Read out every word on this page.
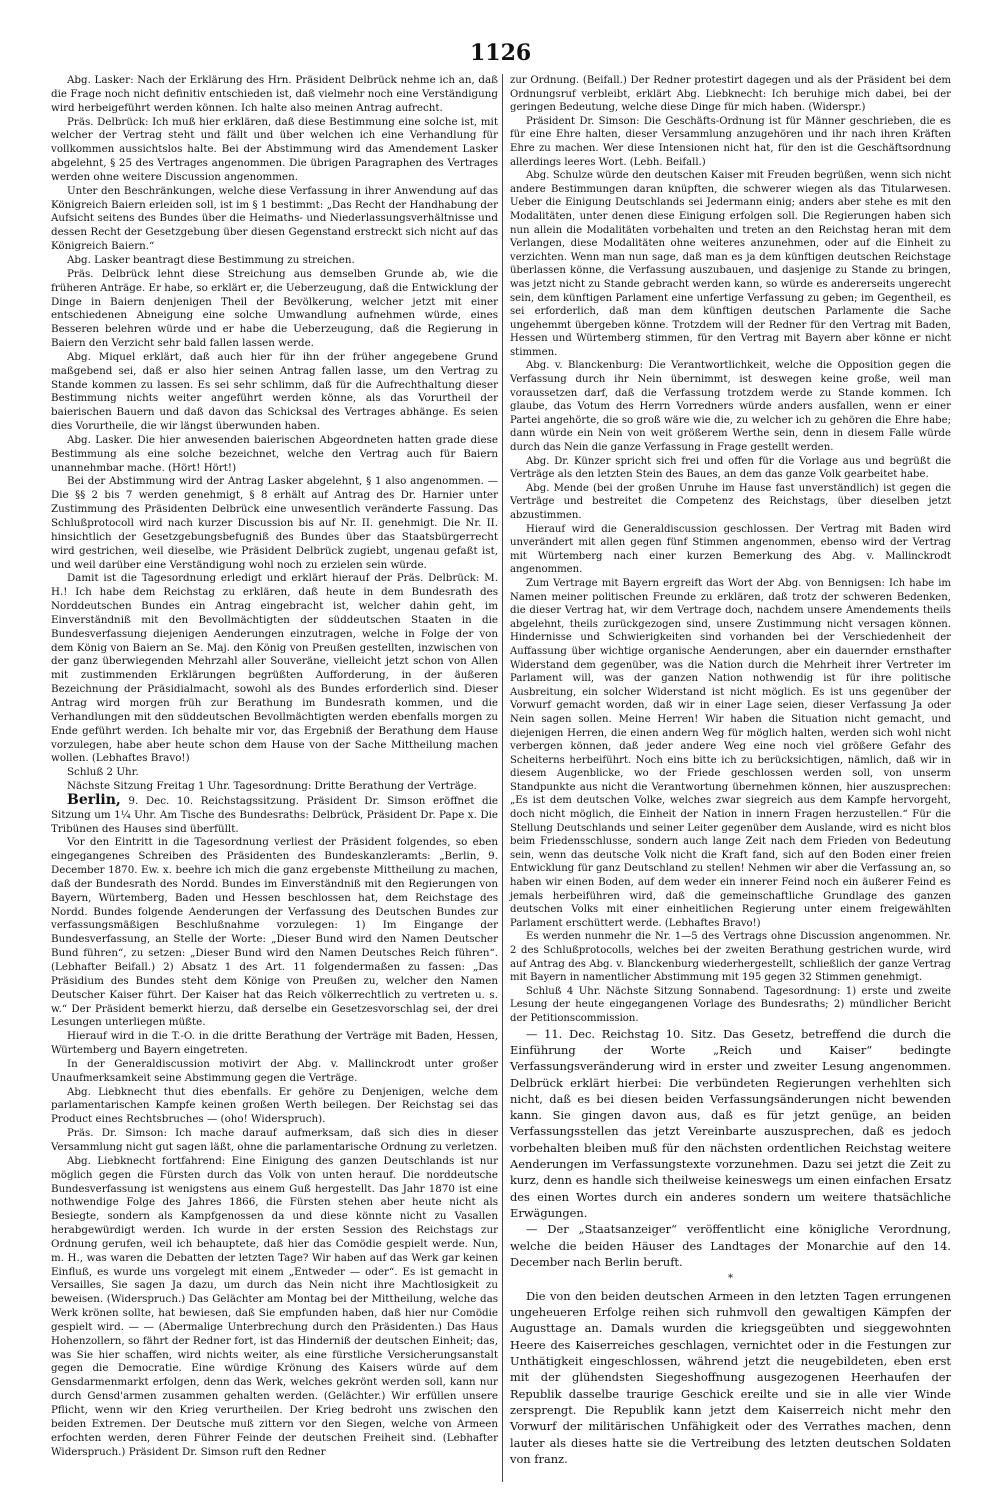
1126

Abg. Lasker: Nach der Erklärung des Hrn. Präsident Delbrück nehme ich an, daß die Frage noch nicht definitiv entschieden ist, daß vielmehr noch eine Verständigung wird herbeigeführt werden können. Ich halte also meinen Antrag aufrecht.

Präs. Delbrück: Ich muß hier erklären, daß diese Bestimmung eine solche ist, mit welcher der Vertrag steht und fällt und über welchen ich eine Verhandlung für vollkommen aussichtslos halte. Bei der Abstimmung wird das Amendement Lasker abgelehnt, § 25 des Vertrages angenommen. Die übrigen Paragraphen des Vertrages werden ohne weitere Discussion angenommen.

Unter den Beschränkungen, welche diese Verfassung in ihrer Anwendung auf das Königreich Baiern erleiden soll, ist im § 1 bestimmt: „Das Recht der Handhabung der Aufsicht seitens des Bundes über die Heimaths- und Niederlassungsverhältnisse und dessen Recht der Gesetzgebung über diesen Gegenstand erstreckt sich nicht auf das Königreich Baiern.“

Abg. Lasker beantragt diese Bestimmung zu streichen.

Präs. Delbrück lehnt diese Streichung aus demselben Grunde ab, wie die früheren Anträge. Er habe, so erklärt er, die Ueberzeugung, daß die Entwicklung der Dinge in Baiern denjenigen Theil der Bevölkerung, welcher jetzt mit einer entschiedenen Abneigung eine solche Umwandlung aufnehmen würde, eines Besseren belehren würde und er habe die Ueberzeugung, daß die Regierung in Baiern den Verzicht sehr bald fallen lassen werde.

Abg. Miquel erklärt, daß auch hier für ihn der früher angegebene Grund maßgebend sei, daß er also hier seinen Antrag fallen lasse, um den Vertrag zu Stande kommen zu lassen. Es sei sehr schlimm, daß für die Aufrechthaltung dieser Bestimmung nichts weiter angeführt werden könne, als das Vorurtheil der baierischen Bauern und daß davon das Schicksal des Vertrages abhänge. Es seien dies Vorurtheile, die wir längst überwunden haben.

Abg. Lasker. Die hier anwesenden baierischen Abgeordneten hatten grade diese Bestimmung als eine solche bezeichnet, welche den Vertrag auch für Baiern unannehmbar mache. (Hört! Hört!)

Bei der Abstimmung wird der Antrag Lasker abgelehnt, § 1 also angenommen. — Die §§ 2 bis 7 werden genehmigt, § 8 erhält auf Antrag des Dr. Harnier unter Zustimmung des Präsidenten Delbrück eine unwesentlich veränderte Fassung. Das Schlußprotocoll wird nach kurzer Discussion bis auf Nr. II. genehmigt. Die Nr. II. hinsichtlich der Gesetzgebungsbefugniß des Bundes über das Staatsbürgerrecht wird gestrichen, weil dieselbe, wie Präsident Delbrück zugiebt, ungenau gefaßt ist, und weil darüber eine Verständigung wohl noch zu erzielen sein würde.

Damit ist die Tagesordnung erledigt und erklärt hierauf der Präs. Delbrück: M. H.! Ich habe dem Reichstag zu erklären, daß heute in dem Bundesrath des Norddeutschen Bundes ein Antrag eingebracht ist, welcher dahin geht, im Einverständniß mit den Bevollmächtigten der süddeutschen Staaten in die Bundesverfassung diejenigen Aenderungen einzutragen, welche in Folge der von dem König von Baiern an Se. Maj. den König von Preußen gestellten, inzwischen von der ganz überwiegenden Mehrzahl aller Souveräne, vielleicht jetzt schon von Allen mit zustimmenden Erklärungen begrüßten Aufforderung, in der äußeren Bezeichnung der Präsidialmacht, sowohl als des Bundes erforderlich sind. Dieser Antrag wird morgen früh zur Berathung im Bundesrath kommen, und die Verhandlungen mit den süddeutschen Bevollmächtigten werden ebenfalls morgen zu Ende geführt werden. Ich behalte mir vor, das Ergebniß der Berathung dem Hause vorzulegen, habe aber heute schon dem Hause von der Sache Mittheilung machen wollen. (Lebhaftes Bravo!)

Schluß 2 Uhr.

Nächste Sitzung Freitag 1 Uhr. Tagesordnung: Dritte Berathung der Verträge.

Berlin, 9. Dec. 10. Reichstagssitzung. Präsident Dr. Simson eröffnet die Sitzung um 1¼ Uhr. Am Tische des Bundesraths: Delbrück, Präsident Dr. Pape x. Die Tribünen des Hauses sind überfüllt.

Vor den Eintritt in die Tagesordnung verliest der Präsident folgendes, so eben eingegangenes Schreiben des Präsidenten des Bundeskanzleramts: „Berlin, 9. December 1870. Ew. x. beehre ich mich die ganz ergebenste Mittheilung zu machen, daß der Bundesrath des Nordd. Bundes im Einverständniß mit den Regierungen von Bayern, Würtemberg, Baden und Hessen beschlossen hat, dem Reichstage des Nordd. Bundes folgende Aenderungen der Verfassung des Deutschen Bundes zur verfassungsmäßigen Beschlußnahme vorzulegen: 1) Im Eingange der Bundesverfassung, an Stelle der Worte: „Dieser Bund wird den Namen Deutscher Bund führen“, zu setzen: „Dieser Bund wird den Namen Deutsches Reich führen“. (Lebhafter Beifall.) 2) Absatz 1 des Art. 11 folgendermaßen zu fassen: „Das Präsidium des Bundes steht dem Könige von Preußen zu, welcher den Namen Deutscher Kaiser führt. Der Kaiser hat das Reich völkerrechtlich zu vertreten u. s. w.“ Der Präsident bemerkt hierzu, daß derselbe ein Gesetzesvorschlag sei, der drei Lesungen unterliegen müßte.

Hierauf wird in die T.-O. in die dritte Berathung der Verträge mit Baden, Hessen, Würtemberg und Bayern eingetreten.

In der Generaldiscussion motivirt der Abg. v. Mallinckrodt unter großer Unaufmerksamkeit seine Abstimmung gegen die Verträge.

Abg. Liebknecht thut dies ebenfalls. Er gehöre zu Denjenigen, welche dem parlamentarischen Kampfe keinen großen Werth beilegen. Der Reichstag sei das Product eines Rechtsbruches — (oho! Widerspruch).

Präs. Dr. Simson: Ich mache darauf aufmerksam, daß sich dies in dieser Versammlung nicht gut sagen läßt, ohne die parlamentarische Ordnung zu verletzen.

Abg. Liebknecht fortfahrend: Eine Einigung des ganzen Deutschlands ist nur möglich gegen die Fürsten durch das Volk von unten herauf. Die norddeutsche Bundesverfassung ist wenigstens aus einem Guß hergestellt. Das Jahr 1870 ist eine nothwendige Folge des Jahres 1866, die Fürsten stehen aber heute nicht als Besiegte, sondern als Kampfgenossen da und diese könnte nicht zu Vasallen herabgewürdigt werden. Ich wurde in der ersten Session des Reichstags zur Ordnung gerufen, weil ich behauptete, daß hier das Comödie gespielt werde. Nun, m. H., was waren die Debatten der letzten Tage? Wir haben auf das Werk gar keinen Einfluß, es wurde uns vorgelegt mit einem „Entweder — oder“. Es ist gemacht in Versailles, Sie sagen Ja dazu, um durch das Nein nicht ihre Machtlosigkeit zu beweisen. (Widerspruch.) Das Gelächter am Montag bei der Mittheilung, welche das Werk krönen sollte, hat bewiesen, daß Sie empfunden haben, daß hier nur Comödie gespielt wird. — — (Abermalige Unterbrechung durch den Präsidenten.) Das Haus Hohenzollern, so fährt der Redner fort, ist das Hinderniß der deutschen Einheit; das, was Sie hier schaffen, wird nichts weiter, als eine fürstliche Versicherungsanstalt gegen die Democratie. Eine würdige Krönung des Kaisers würde auf dem Gensdarmenmarkt erfolgen, denn das Werk, welches gekrönt werden soll, kann nur durch Gensd'armen zusammen gehalten werden. (Gelächter.) Wir erfüllen unsere Pflicht, wenn wir den Krieg verurtheilen. Der Krieg bedroht uns zwischen den beiden Extremen. Der Deutsche muß zittern vor den Siegen, welche von Armeen erfochten werden, deren Führer Feinde der deutschen Freiheit sind. (Lebhafter Widerspruch.) Präsident Dr. Simson ruft den Redner

zur Ordnung. (Beifall.) Der Redner protestirt dagegen und als der Präsident bei dem Ordnungsruf verbleibt, erklärt Abg. Liebknecht: Ich beruhige mich dabei, bei der geringen Bedeutung, welche diese Dinge für mich haben. (Widerspr.)

Präsident Dr. Simson: Die Geschäfts-Ordnung ist für Männer geschrieben, die es für eine Ehre halten, dieser Versammlung anzugehören und ihr nach ihren Kräften Ehre zu machen. Wer diese Intensionen nicht hat, für den ist die Geschäftsordnung allerdings leeres Wort. (Lebh. Beifall.)

Abg. Schulze würde den deutschen Kaiser mit Freuden begrüßen, wenn sich nicht andere Bestimmungen daran knüpften, die schwerer wiegen als das Titularwesen. Ueber die Einigung Deutschlands sei Jedermann einig; anders aber stehe es mit den Modalitäten, unter denen diese Einigung erfolgen soll. Die Regierungen haben sich nun allein die Modalitäten vorbehalten und treten an den Reichstag heran mit dem Verlangen, diese Modalitäten ohne weiteres anzunehmen, oder auf die Einheit zu verzichten. Wenn man nun sage, daß man es ja dem künftigen deutschen Reichstage überlassen könne, die Verfassung auszubauen, und dasjenige zu Stande zu bringen, was jetzt nicht zu Stande gebracht werden kann, so würde es andererseits ungerecht sein, dem künftigen Parlament eine unfertige Verfassung zu geben; im Gegentheil, es sei erforderlich, daß man dem künftigen deutschen Parlamente die Sache ungehemmt übergeben könne. Trotzdem will der Redner für den Vertrag mit Baden, Hessen und Würtemberg stimmen, für den Vertrag mit Bayern aber könne er nicht stimmen.

Abg. v. Blanckenburg: Die Verantwortlichkeit, welche die Opposition gegen die Verfassung durch ihr Nein übernimmt, ist deswegen keine große, weil man voraussetzen darf, daß die Verfassung trotzdem werde zu Stande kommen. Ich glaube, das Votum des Herrn Vorredners würde anders ausfallen, wenn er einer Partei angehörte, die so groß wäre wie die, zu welcher ich zu gehören die Ehre habe; dann würde ein Nein von weit größerem Werthe sein, denn in diesem Falle würde durch das Nein die ganze Verfassung in Frage gestellt werden.

Abg. Dr. Künzer spricht sich frei und offen für die Vorlage aus und begrüßt die Verträge als den letzten Stein des Baues, an dem das ganze Volk gearbeitet habe.

Abg. Mende (bei der großen Unruhe im Hause fast unverständlich) ist gegen die Verträge und bestreitet die Competenz des Reichstags, über dieselben jetzt abzustimmen.

Hierauf wird die Generaldiscussion geschlossen. Der Vertrag mit Baden wird unverändert mit allen gegen fünf Stimmen angenommen, ebenso wird der Vertrag mit Würtemberg nach einer kurzen Bemerkung des Abg. v. Mallinckrodt angenommen.

Zum Vertrage mit Bayern ergreift das Wort der Abg. von Bennigsen: Ich habe im Namen meiner politischen Freunde zu erklären, daß trotz der schweren Bedenken, die dieser Vertrag hat, wir dem Vertrage doch, nachdem unsere Amendements theils abgelehnt, theils zurückgezogen sind, unsere Zustimmung nicht versagen können. Hindernisse und Schwierigkeiten sind vorhanden bei der Verschiedenheit der Auffassung über wichtige organische Aenderungen, aber ein dauernder ernsthafter Widerstand dem gegenüber, was die Nation durch die Mehrheit ihrer Vertreter im Parlament will, was der ganzen Nation nothwendig ist für ihre politische Ausbreitung, ein solcher Widerstand ist nicht möglich. Es ist uns gegenüber der Vorwurf gemacht worden, daß wir in einer Lage seien, dieser Verfassung Ja oder Nein sagen sollen. Meine Herren! Wir haben die Situation nicht gemacht, und diejenigen Herren, die einen andern Weg für möglich halten, werden sich wohl nicht verbergen können, daß jeder andere Weg eine noch viel größere Gefahr des Scheiterns herbeiführt. Noch eins bitte ich zu berücksichtigen, nämlich, daß wir in diesem Augenblicke, wo der Friede geschlossen werden soll, von unserm Standpunkte aus nicht die Verantwortung übernehmen können, hier auszusprechen: „Es ist dem deutschen Volke, welches zwar siegreich aus dem Kampfe hervorgeht, doch nicht möglich, die Einheit der Nation in innern Fragen herzustellen.“ Für die Stellung Deutschlands und seiner Leiter gegenüber dem Auslande, wird es nicht blos beim Friedensschlusse, sondern auch lange Zeit nach dem Frieden von Bedeutung sein, wenn das deutsche Volk nicht die Kraft fand, sich auf den Boden einer freien Entwicklung für ganz Deutschland zu stellen! Nehmen wir aber die Verfassung an, so haben wir einen Boden, auf dem weder ein innerer Feind noch ein äußerer Feind es jemals herbeiführen wird, daß die gemeinschaftliche Grundlage des ganzen deutschen Volks mit einer einheitlichen Regierung unter einem freigewählten Parlament erschüttert werde. (Lebhaftes Bravo!)

Es werden nunmehr die Nr. 1—5 des Vertrags ohne Discussion angenommen. Nr. 2 des Schlußprotocolls, welches bei der zweiten Berathung gestrichen wurde, wird auf Antrag des Abg. v. Blanckenburg wiederhergestellt, schließlich der ganze Vertrag mit Bayern in namentlicher Abstimmung mit 195 gegen 32 Stimmen genehmigt.

Schluß 4 Uhr. Nächste Sitzung Sonnabend. Tagesordnung: 1) erste und zweite Lesung der heute eingegangenen Vorlage des Bundesraths; 2) mündlicher Bericht der Petitionscommission.

— 11. Dec. Reichstag 10. Sitz. Das Gesetz, betreffend die durch die Einführung der Worte „Reich und Kaiser“ bedingte Verfassungsveränderung wird in erster und zweiter Lesung angenommen. Delbrück erklärt hierbei: Die verbündeten Regierungen verhehlten sich nicht, daß es bei diesen beiden Verfassungsänderungen nicht bewenden kann. Sie gingen davon aus, daß es für jetzt genüge, an beiden Verfassungsstellen das jetzt Vereinbarte auszusprechen, daß es jedoch vorbehalten bleiben muß für den nächsten ordentlichen Reichstag weitere Aenderungen im Verfassungstexte vorzunehmen. Dazu sei jetzt die Zeit zu kurz, denn es handle sich theilweise keineswegs um einen einfachen Ersatz des einen Wortes durch ein anderes sondern um weitere thatsächliche Erwägungen.

— Der „Staatsanzeiger“ veröffentlicht eine königliche Verordnung, welche die beiden Häuser des Landtages der Monarchie auf den 14. December nach Berlin beruft.

*

Die von den beiden deutschen Armeen in den letzten Tagen errungenen ungeheueren Erfolge reihen sich ruhmvoll den gewaltigen Kämpfen der Augusttage an. Damals wurden die kriegsgeübten und sieggewohnten Heere des Kaiserreiches geschlagen, vernichtet oder in die Festungen zur Unthätigkeit eingeschlossen, während jetzt die neugebildeten, eben erst mit der glühendsten Siegeshoffnung ausgezogenen Heerhaufen der Republik dasselbe traurige Geschick ereilte und sie in alle vier Winde zersprengt. Die Republik kann jetzt dem Kaiserreich nicht mehr den Vorwurf der militärischen Unfähigkeit oder des Verrathes machen, denn lauter als dieses hatte sie die Vertreibung des letzten deutschen Soldaten von franz.
